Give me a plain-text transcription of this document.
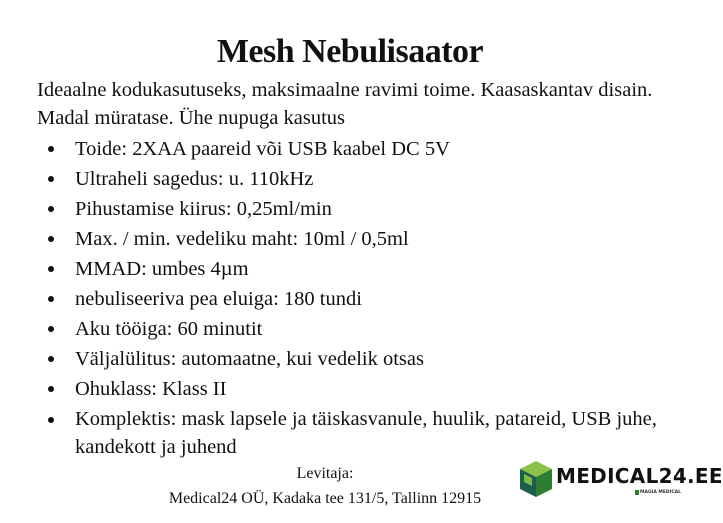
Mesh Nebulisaator
Ideaalne kodukasutuseks, maksimaalne ravimi toime. Kaasaskantav disain. Madal müratase. Ühe nupuga kasutus
Toide: 2XAA paareid või USB kaabel DC 5V
Ultraheli sagedus: u. 110kHz
Pihustamise kiirus: 0,25ml/min
Max. / min. vedeliku maht: 10ml / 0,5ml
MMAD: umbes 4µm
nebuliseeriva pea eluiga: 180 tundi
Aku tööiga: 60 minutit
Väljalülitus: automaatne, kui vedelik otsas
Ohuklass: Klass II
Komplektis: mask lapsele ja täiskasvanule, huulik, patareid, USB juhe, kandekott ja juhend
Levitaja:
Medical24 OÜ, Kadaka tee 131/5, Tallinn 12915
MEDICAL24.EE
MAGIA MEDICAL
